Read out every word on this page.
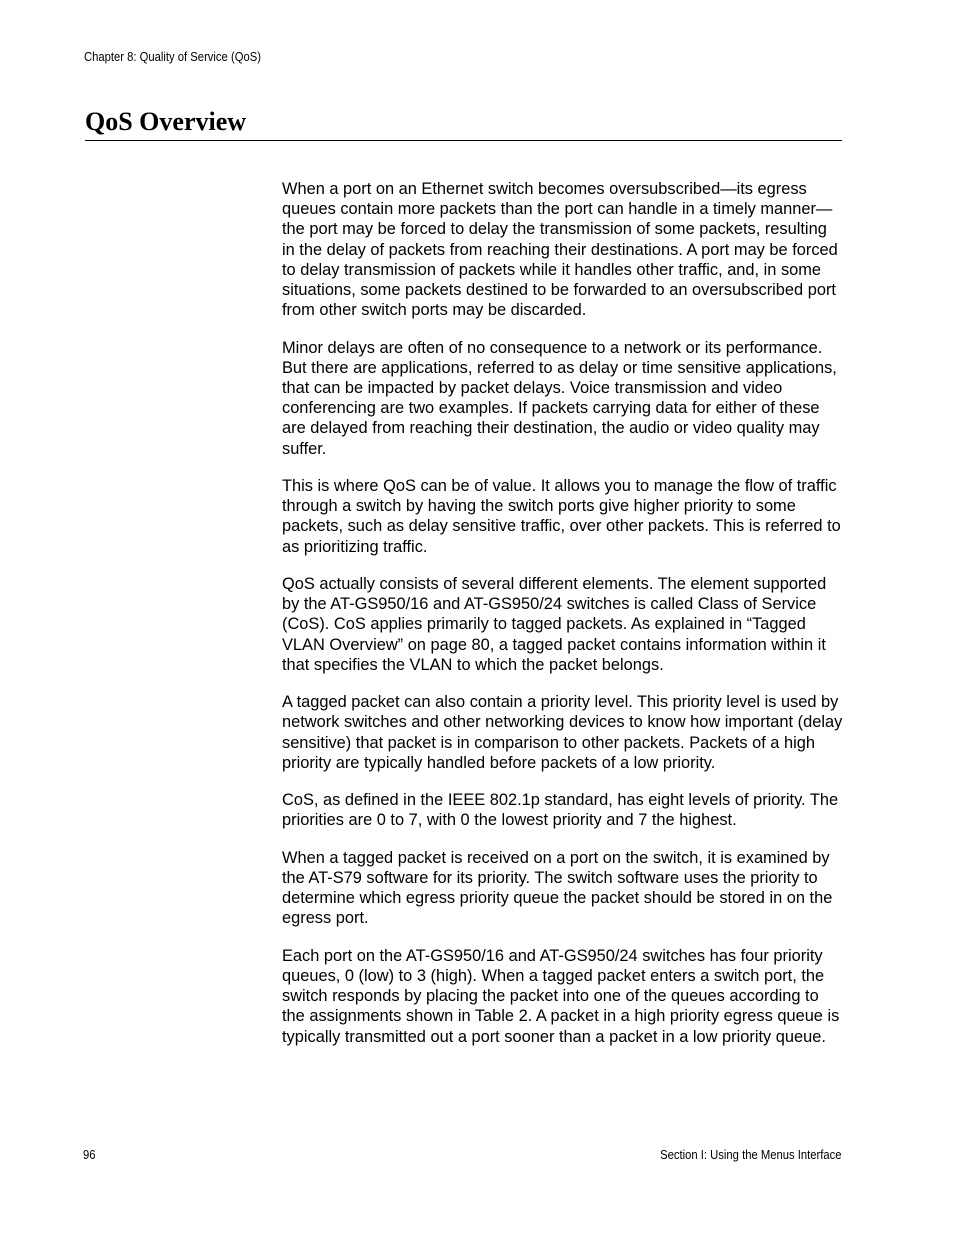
Chapter 8: Quality of Service (QoS)
QoS Overview

When a port on an Ethernet switch becomes oversubscribed—its egress queues contain more packets than the port can handle in a timely manner—the port may be forced to delay the transmission of some packets, resulting in the delay of packets from reaching their destinations. A port may be forced to delay transmission of packets while it handles other traffic, and, in some situations, some packets destined to be forwarded to an oversubscribed port from other switch ports may be discarded.

Minor delays are often of no consequence to a network or its performance. But there are applications, referred to as delay or time sensitive applications, that can be impacted by packet delays. Voice transmission and video conferencing are two examples. If packets carrying data for either of these are delayed from reaching their destination, the audio or video quality may suffer.

This is where QoS can be of value. It allows you to manage the flow of traffic through a switch by having the switch ports give higher priority to some packets, such as delay sensitive traffic, over other packets. This is referred to as prioritizing traffic.

QoS actually consists of several different elements. The element supported by the AT-GS950/16 and AT-GS950/24 switches is called Class of Service (CoS). CoS applies primarily to tagged packets. As explained in “Tagged VLAN Overview” on page 80, a tagged packet contains information within it that specifies the VLAN to which the packet belongs.

A tagged packet can also contain a priority level. This priority level is used by network switches and other networking devices to know how important (delay sensitive) that packet is in comparison to other packets. Packets of a high priority are typically handled before packets of a low priority.

CoS, as defined in the IEEE 802.1p standard, has eight levels of priority. The priorities are 0 to 7, with 0 the lowest priority and 7 the highest.

When a tagged packet is received on a port on the switch, it is examined by the AT-S79 software for its priority. The switch software uses the priority to determine which egress priority queue the packet should be stored in on the egress port.

Each port on the AT-GS950/16 and AT-GS950/24 switches has four priority queues, 0 (low) to 3 (high). When a tagged packet enters a switch port, the switch responds by placing the packet into one of the queues according to the assignments shown in Table 2. A packet in a high priority egress queue is typically transmitted out a port sooner than a packet in a low priority queue.

96	Section I: Using the Menus Interface
